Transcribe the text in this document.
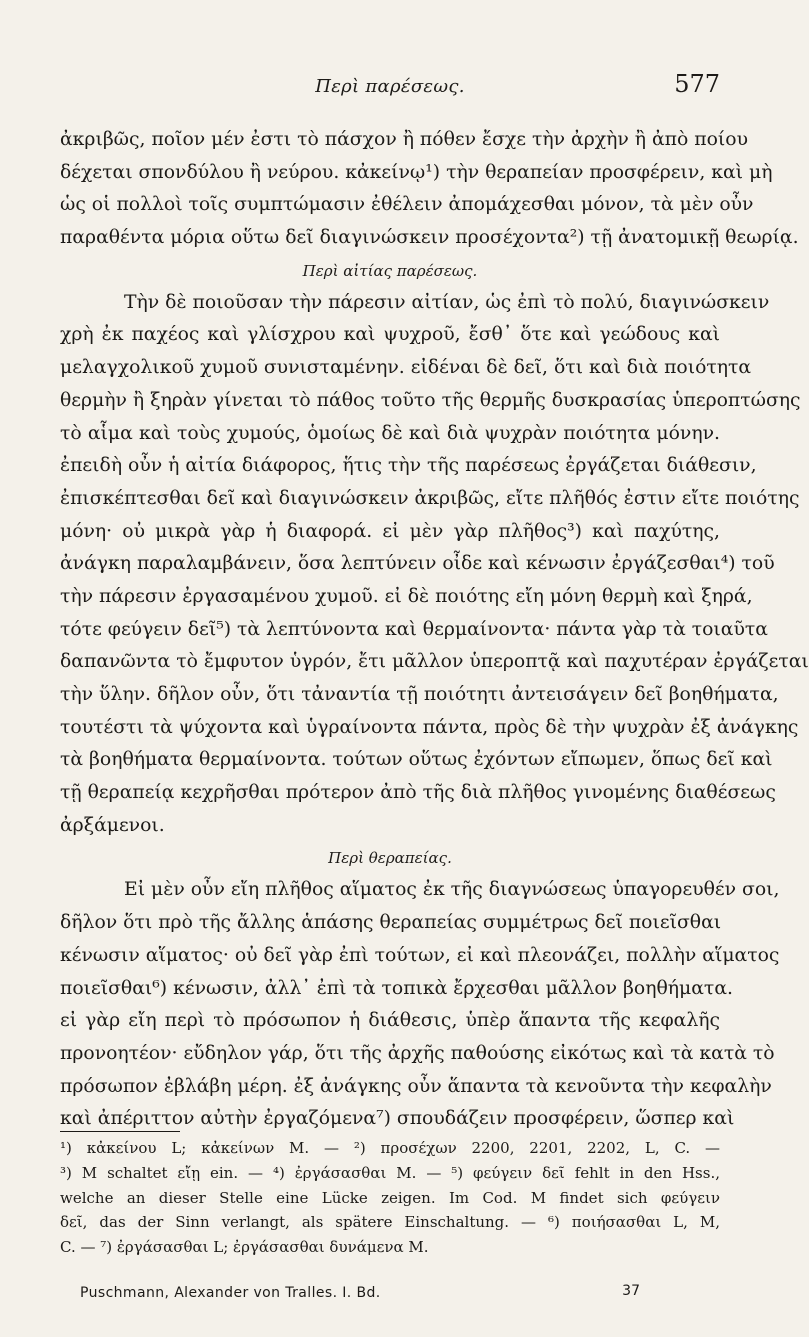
Περὶ παρέσεως.	577
ἀκριβῶς, ποῖον μέν ἐστι τὸ πάσχον ἢ πόθεν ἔσχε τὴν ἀρχὴν ἢ ἀπὸ ποίου
δέχεται σπονδύλου ἢ νεύρου. κἀκείνῳ¹) τὴν θεραπείαν προσφέρειν, καὶ μὴ
ὡς οἱ πολλοὶ τοῖς συμπτώμασιν ἐθέλειν ἀπομάχεσθαι μόνον, τὰ μὲν οὖν
παραθέντα μόρια οὕτω δεῖ διαγινώσκειν προσέχοντα²) τῇ ἀνατομικῇ θεωρίᾳ.
Περὶ αἰτίας παρέσεως.
Τὴν δὲ ποιοῦσαν τὴν πάρεσιν αἰτίαν, ὡς ἐπὶ τὸ πολύ, διαγινώσκειν
χρὴ ἐκ παχέος καὶ γλίσχρου καὶ ψυχροῦ, ἔσθ᾽ ὅτε καὶ γεώδους καὶ
μελαγχολικοῦ χυμοῦ συνισταμένην. εἰδέναι δὲ δεῖ, ὅτι καὶ διὰ ποιότητα
θερμὴν ἢ ξηρὰν γίνεται τὸ πάθος τοῦτο τῆς θερμῆς δυσκρασίας ὑπεροπτώσης
τὸ αἷμα καὶ τοὺς χυμούς, ὁμοίως δὲ καὶ διὰ ψυχρὰν ποιότητα μόνην.
ἐπειδὴ οὖν ἡ αἰτία διάφορος, ἥτις τὴν τῆς παρέσεως ἐργάζεται διάθεσιν,
ἐπισκέπτεσθαι δεῖ καὶ διαγινώσκειν ἀκριβῶς, εἴτε πλῆθός ἐστιν εἴτε ποιότης
μόνη· οὐ μικρὰ γὰρ ἡ διαφορά. εἰ μὲν γὰρ πλῆθος³) καὶ παχύτης,
ἀνάγκη παραλαμβάνειν, ὅσα λεπτύνειν οἶδε καὶ κένωσιν ἐργάζεσθαι⁴) τοῦ
τὴν πάρεσιν ἐργασαμένου χυμοῦ. εἰ δὲ ποιότης εἴη μόνη θερμὴ καὶ ξηρά,
τότε φεύγειν δεῖ⁵) τὰ λεπτύνοντα καὶ θερμαίνοντα· πάντα γὰρ τὰ τοιαῦτα
δαπανῶντα τὸ ἔμφυτον ὑγρόν, ἔτι μᾶλλον ὑπεροπτᾷ καὶ παχυτέραν ἐργάζεται
τὴν ὕλην. δῆλον οὖν, ὅτι τἀναντία τῇ ποιότητι ἀντεισάγειν δεῖ βοηθήματα,
τουτέστι τὰ ψύχοντα καὶ ὑγραίνοντα πάντα, πρὸς δὲ τὴν ψυχρὰν ἐξ ἀνάγκης
τὰ βοηθήματα θερμαίνοντα. τούτων οὕτως ἐχόντων εἴπωμεν, ὅπως δεῖ καὶ
τῇ θεραπείᾳ κεχρῆσθαι πρότερον ἀπὸ τῆς διὰ πλῆθος γινομένης διαθέσεως
ἀρξάμενοι.
Περὶ θεραπείας.
Εἰ μὲν οὖν εἴη πλῆθος αἵματος ἐκ τῆς διαγνώσεως ὑπαγορευθέν σοι,
δῆλον ὅτι πρὸ τῆς ἄλλης ἁπάσης θεραπείας συμμέτρως δεῖ ποιεῖσθαι
κένωσιν αἵματος· οὐ δεῖ γὰρ ἐπὶ τούτων, εἰ καὶ πλεονάζει, πολλὴν αἵματος
ποιεῖσθαι⁶) κένωσιν, ἀλλ᾽ ἐπὶ τὰ τοπικὰ ἔρχεσθαι μᾶλλον βοηθήματα.
εἰ γὰρ εἴη περὶ τὸ πρόσωπον ἡ διάθεσις, ὑπὲρ ἅπαντα τῆς κεφαλῆς
προνοητέον· εὔδηλον γάρ, ὅτι τῆς ἀρχῆς παθούσης εἰκότως καὶ τὰ κατὰ τὸ
πρόσωπον ἐβλάβη μέρη. ἐξ ἀνάγκης οὖν ἅπαντα τὰ κενοῦντα τὴν κεφαλὴν
καὶ ἀπέριττον αὐτὴν ἐργαζόμενα⁷) σπουδάζειν προσφέρειν, ὥσπερ καὶ
¹) κἀκείνου L; κἀκείνων M. — ²) προσέχων 2200, 2201, 2202, L, C. —
³) M schaltet εἴῃ ein. — ⁴) ἐργάσασθαι M. — ⁵) φεύγειν δεῖ fehlt in den Hss.,
welche an dieser Stelle eine Lücke zeigen. Im Cod. M findet sich φεύγειν
δεῖ, das der Sinn verlangt, als spätere Einschaltung. — ⁶) ποιήσασθαι L, M,
C. — ⁷) ἐργάσασθαι L; ἐργάσασθαι δυνάμενα M.
Puschmann, Alexander von Tralles. I. Bd.	37
